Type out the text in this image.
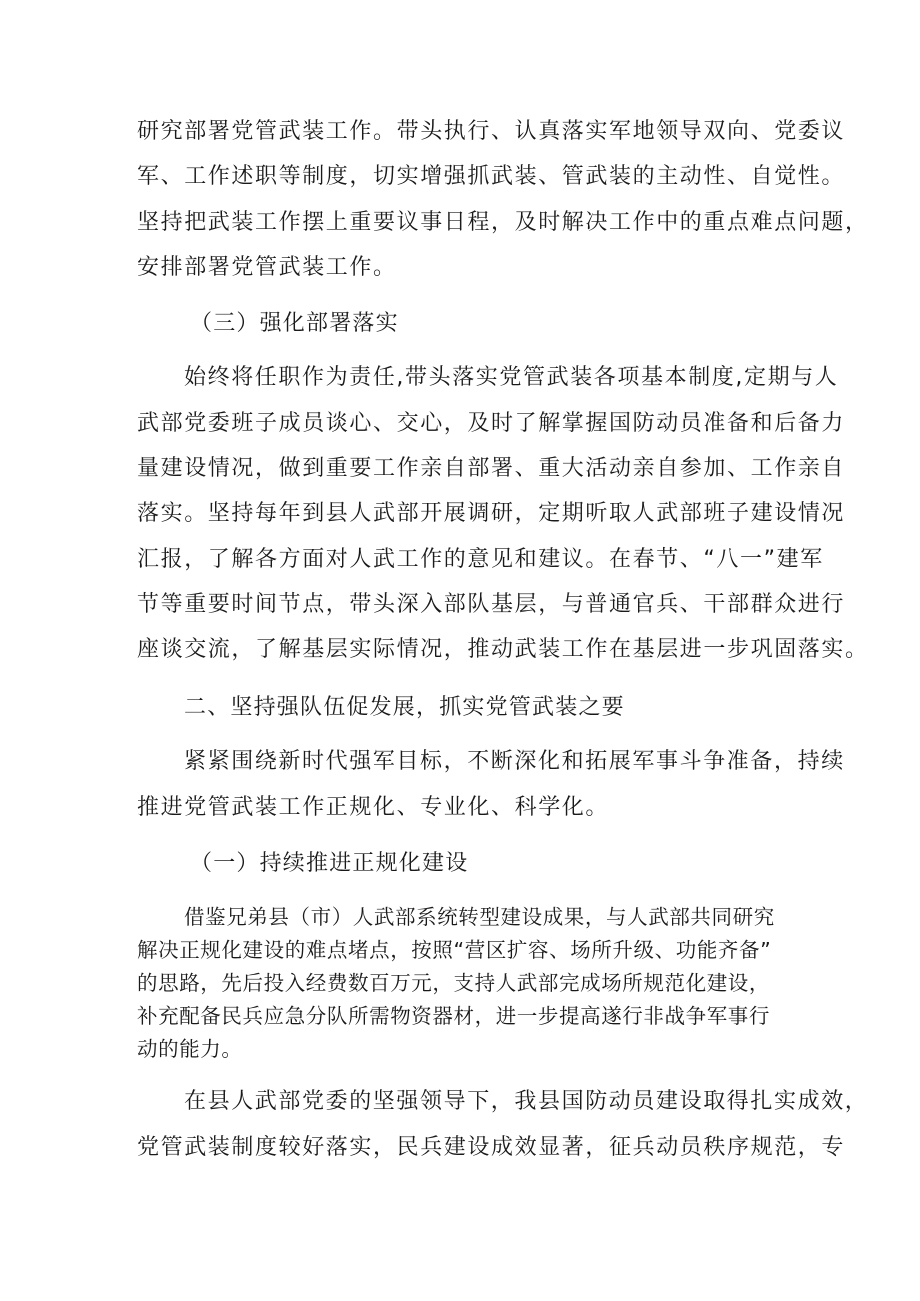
研究部署党管武装工作。带头执行、认真落实军地领导双向、党委议

军、工作述职等制度，切实增强抓武装、管武装的主动性、自觉性。

坚持把武装工作摆上重要议事日程，及时解决工作中的重点难点问题，

安排部署党管武装工作。

（三）强化部署落实

始终将任职作为责任,带头落实党管武装各项基本制度,定期与人

武部党委班子成员谈心、交心，及时了解掌握国防动员准备和后备力

量建设情况，做到重要工作亲自部署、重大活动亲自参加、工作亲自

落实。坚持每年到县人武部开展调研，定期听取人武部班子建设情况

汇报，了解各方面对人武工作的意见和建议。在春节、“八一”建军

节等重要时间节点，带头深入部队基层，与普通官兵、干部群众进行

座谈交流，了解基层实际情况，推动武装工作在基层进一步巩固落实。

二、坚持强队伍促发展，抓实党管武装之要

紧紧围绕新时代强军目标，不断深化和拓展军事斗争准备，持续

推进党管武装工作正规化、专业化、科学化。

（一）持续推进正规化建设

借鉴兄弟县（市）人武部系统转型建设成果，与人武部共同研究

解决正规化建设的难点堵点，按照“营区扩容、场所升级、功能齐备”

的思路，先后投入经费数百万元，支持人武部完成场所规范化建设，

补充配备民兵应急分队所需物资器材，进一步提高遂行非战争军事行

动的能力。

在县人武部党委的坚强领导下，我县国防动员建设取得扎实成效，

党管武装制度较好落实，民兵建设成效显著，征兵动员秩序规范，专
